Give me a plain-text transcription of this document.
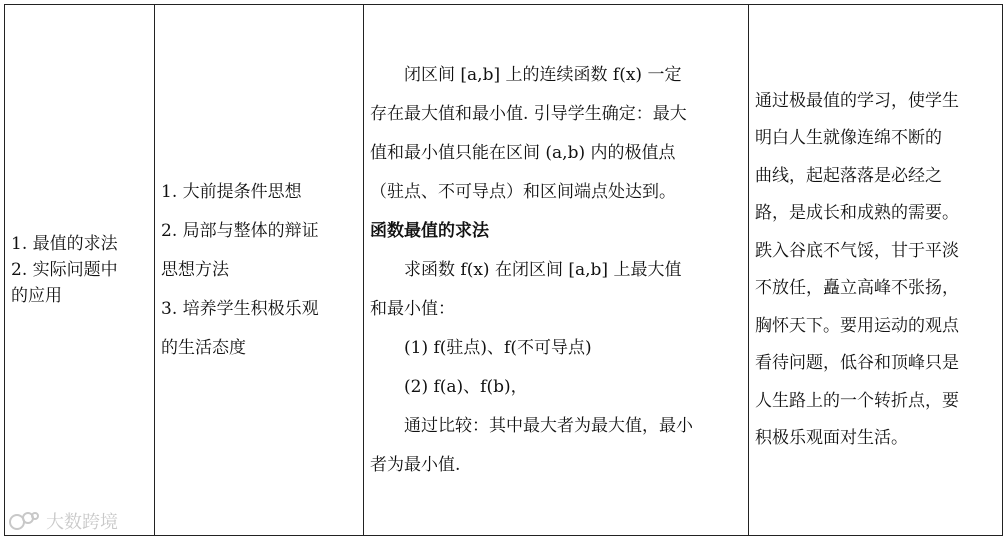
1. 最值的求法
2. 实际问题中
的应用

1. 大前提条件思想
2. 局部与整体的辩证
思想方法
3. 培养学生积极乐观
的生活态度

闭区间 [a,b] 上的连续函数 f(x) 一定
存在最大值和最小值. 引导学生确定：最大
值和最小值只能在区间 (a,b) 内的极值点
（驻点、不可导点）和区间端点处达到。
函数最值的求法
求函数 f(x) 在闭区间 [a,b] 上最大值
和最小值：
(1) f(驻点)、f(不可导点)
(2) f(a)、f(b)，
通过比较：其中最大者为最大值，最小
者为最小值.

通过极最值的学习，使学生
明白人生就像连绵不断的
曲线，起起落落是必经之
路，是成长和成熟的需要。
跌入谷底不气馁，甘于平淡
不放任，矗立高峰不张扬，
胸怀天下。要用运动的观点
看待问题，低谷和顶峰只是
人生路上的一个转折点，要
积极乐观面对生活。
大数跨境
